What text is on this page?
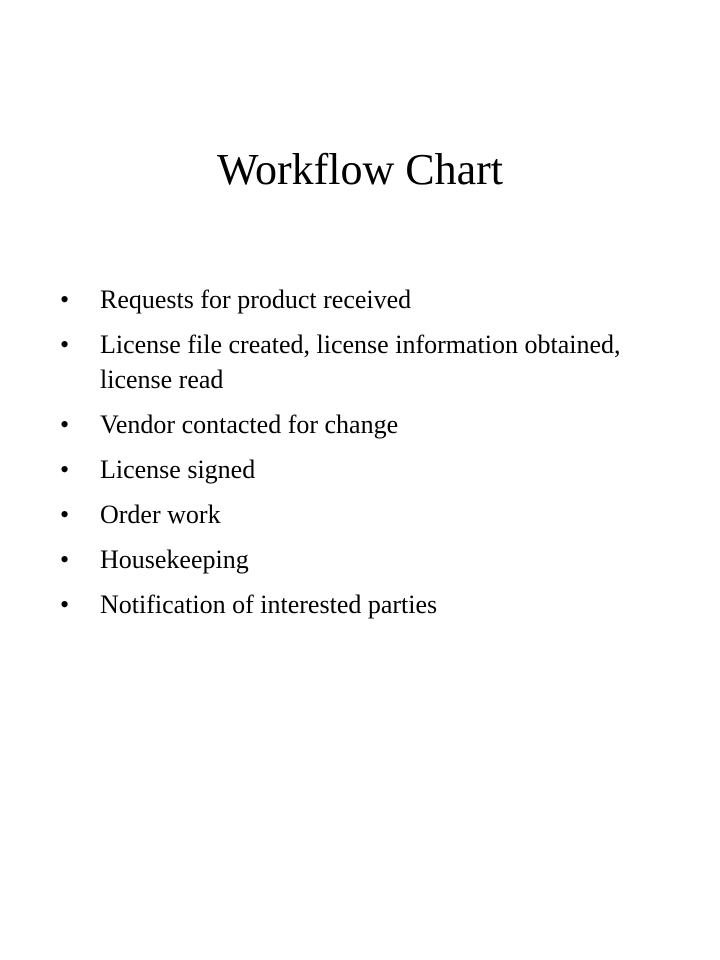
Workflow Chart
•	Requests for product received
•	License file created, license information obtained, license read
•	Vendor contacted for change
•	License signed
•	Order work
•	Housekeeping
•	Notification of interested parties
